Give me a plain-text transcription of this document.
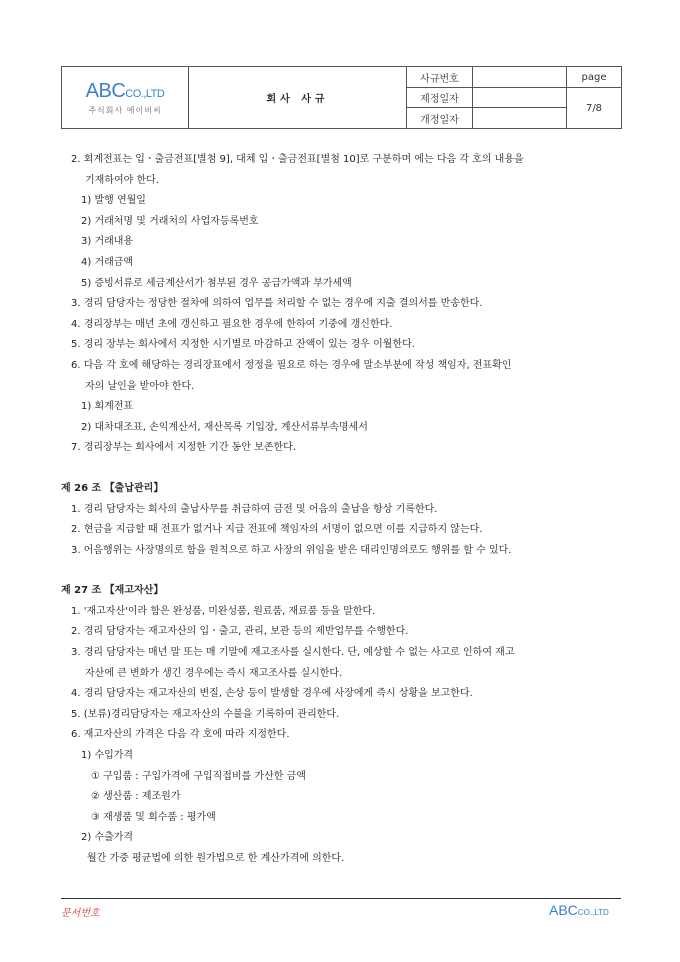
ABCCO.,LTD
주식회사 에이비씨	회사 사규	사규번호		page
		제정일자		7/8
		개정일자		
2. 회계전표는 입ㆍ출금전표[별첨 9], 대체 입ㆍ출금전표[별첨 10]로 구분하며 에는 다음 각 호의 내용을
기재하여야 한다.
1) 발행 연월일
2) 거래처명 및 거래처의 사업자등록번호
3) 거래내용
4) 거래금액
5) 증빙서류로 세금계산서가 첨부된 경우 공급가액과 부가세액
3. 경리 담당자는 정당한 절차에 의하여 업무를 처리할 수 없는 경우에 지출 결의서를 반송한다.
4. 경리장부는 매년 초에 갱신하고 필요한 경우에 한하여 기중에 갱신한다.
5. 경리 장부는 회사에서 지정한 시기별로 마감하고 잔액이 있는 경우 이월한다.
6. 다음 각 호에 해당하는 경리장표에서 정정을 필요로 하는 경우에 말소부분에 작성 책임자, 전표확인
자의 날인을 받아야 한다.
1) 회계전표
2) 대차대조표, 손익계산서, 재산목록 기입장, 계산서류부속명세서
7. 경리장부는 회사에서 지정한 기간 동안 보존한다.
제 26 조 【출납관리】
1. 경리 담당자는 회사의 출납사무를 취급하여 금전 및 어음의 출납을 항상 기록한다.
2. 현금을 지급할 때 전표가 없거나 지급 전표에 책임자의 서명이 없으면 이를 지급하지 않는다.
3. 어음행위는 사장명의로 함을 원칙으로 하고 사장의 위임을 받은 대리인명의로도 행위를 할 수 있다.
제 27 조 【재고자산】
1. '재고자산'이라 함은 완성품, 미완성품, 원료품, 재료품 등을 말한다.
2. 경리 담당자는 재고자산의 입ㆍ출고, 관리, 보관 등의 제반업무를 수행한다.
3. 경리 담당자는 매년 말 또는 매 기말에 재고조사를 실시한다. 단, 예상할 수 없는 사고로 인하여 재고
자산에 큰 변화가 생긴 경우에는 즉시 재고조사를 실시한다.
4. 경리 담당자는 재고자산의 변질, 손상 등이 발생할 경우에 사장에게 즉시 상황을 보고한다.
5. (보류)경리담당자는 재고자산의 수불을 기록하여 관리한다.
6. 재고자산의 가격은 다음 각 호에 따라 지정한다.
1) 수입가격
① 구입품 : 구입가격에 구입직접비를 가산한 금액
② 생산품 : 제조원가
③ 재생품 및 회수품 : 평가액
2) 수출가격
월간 가중 평균법에 의한 원가법으로 한 계산가격에 의한다.
문서번호	ABCCO.,LTD
